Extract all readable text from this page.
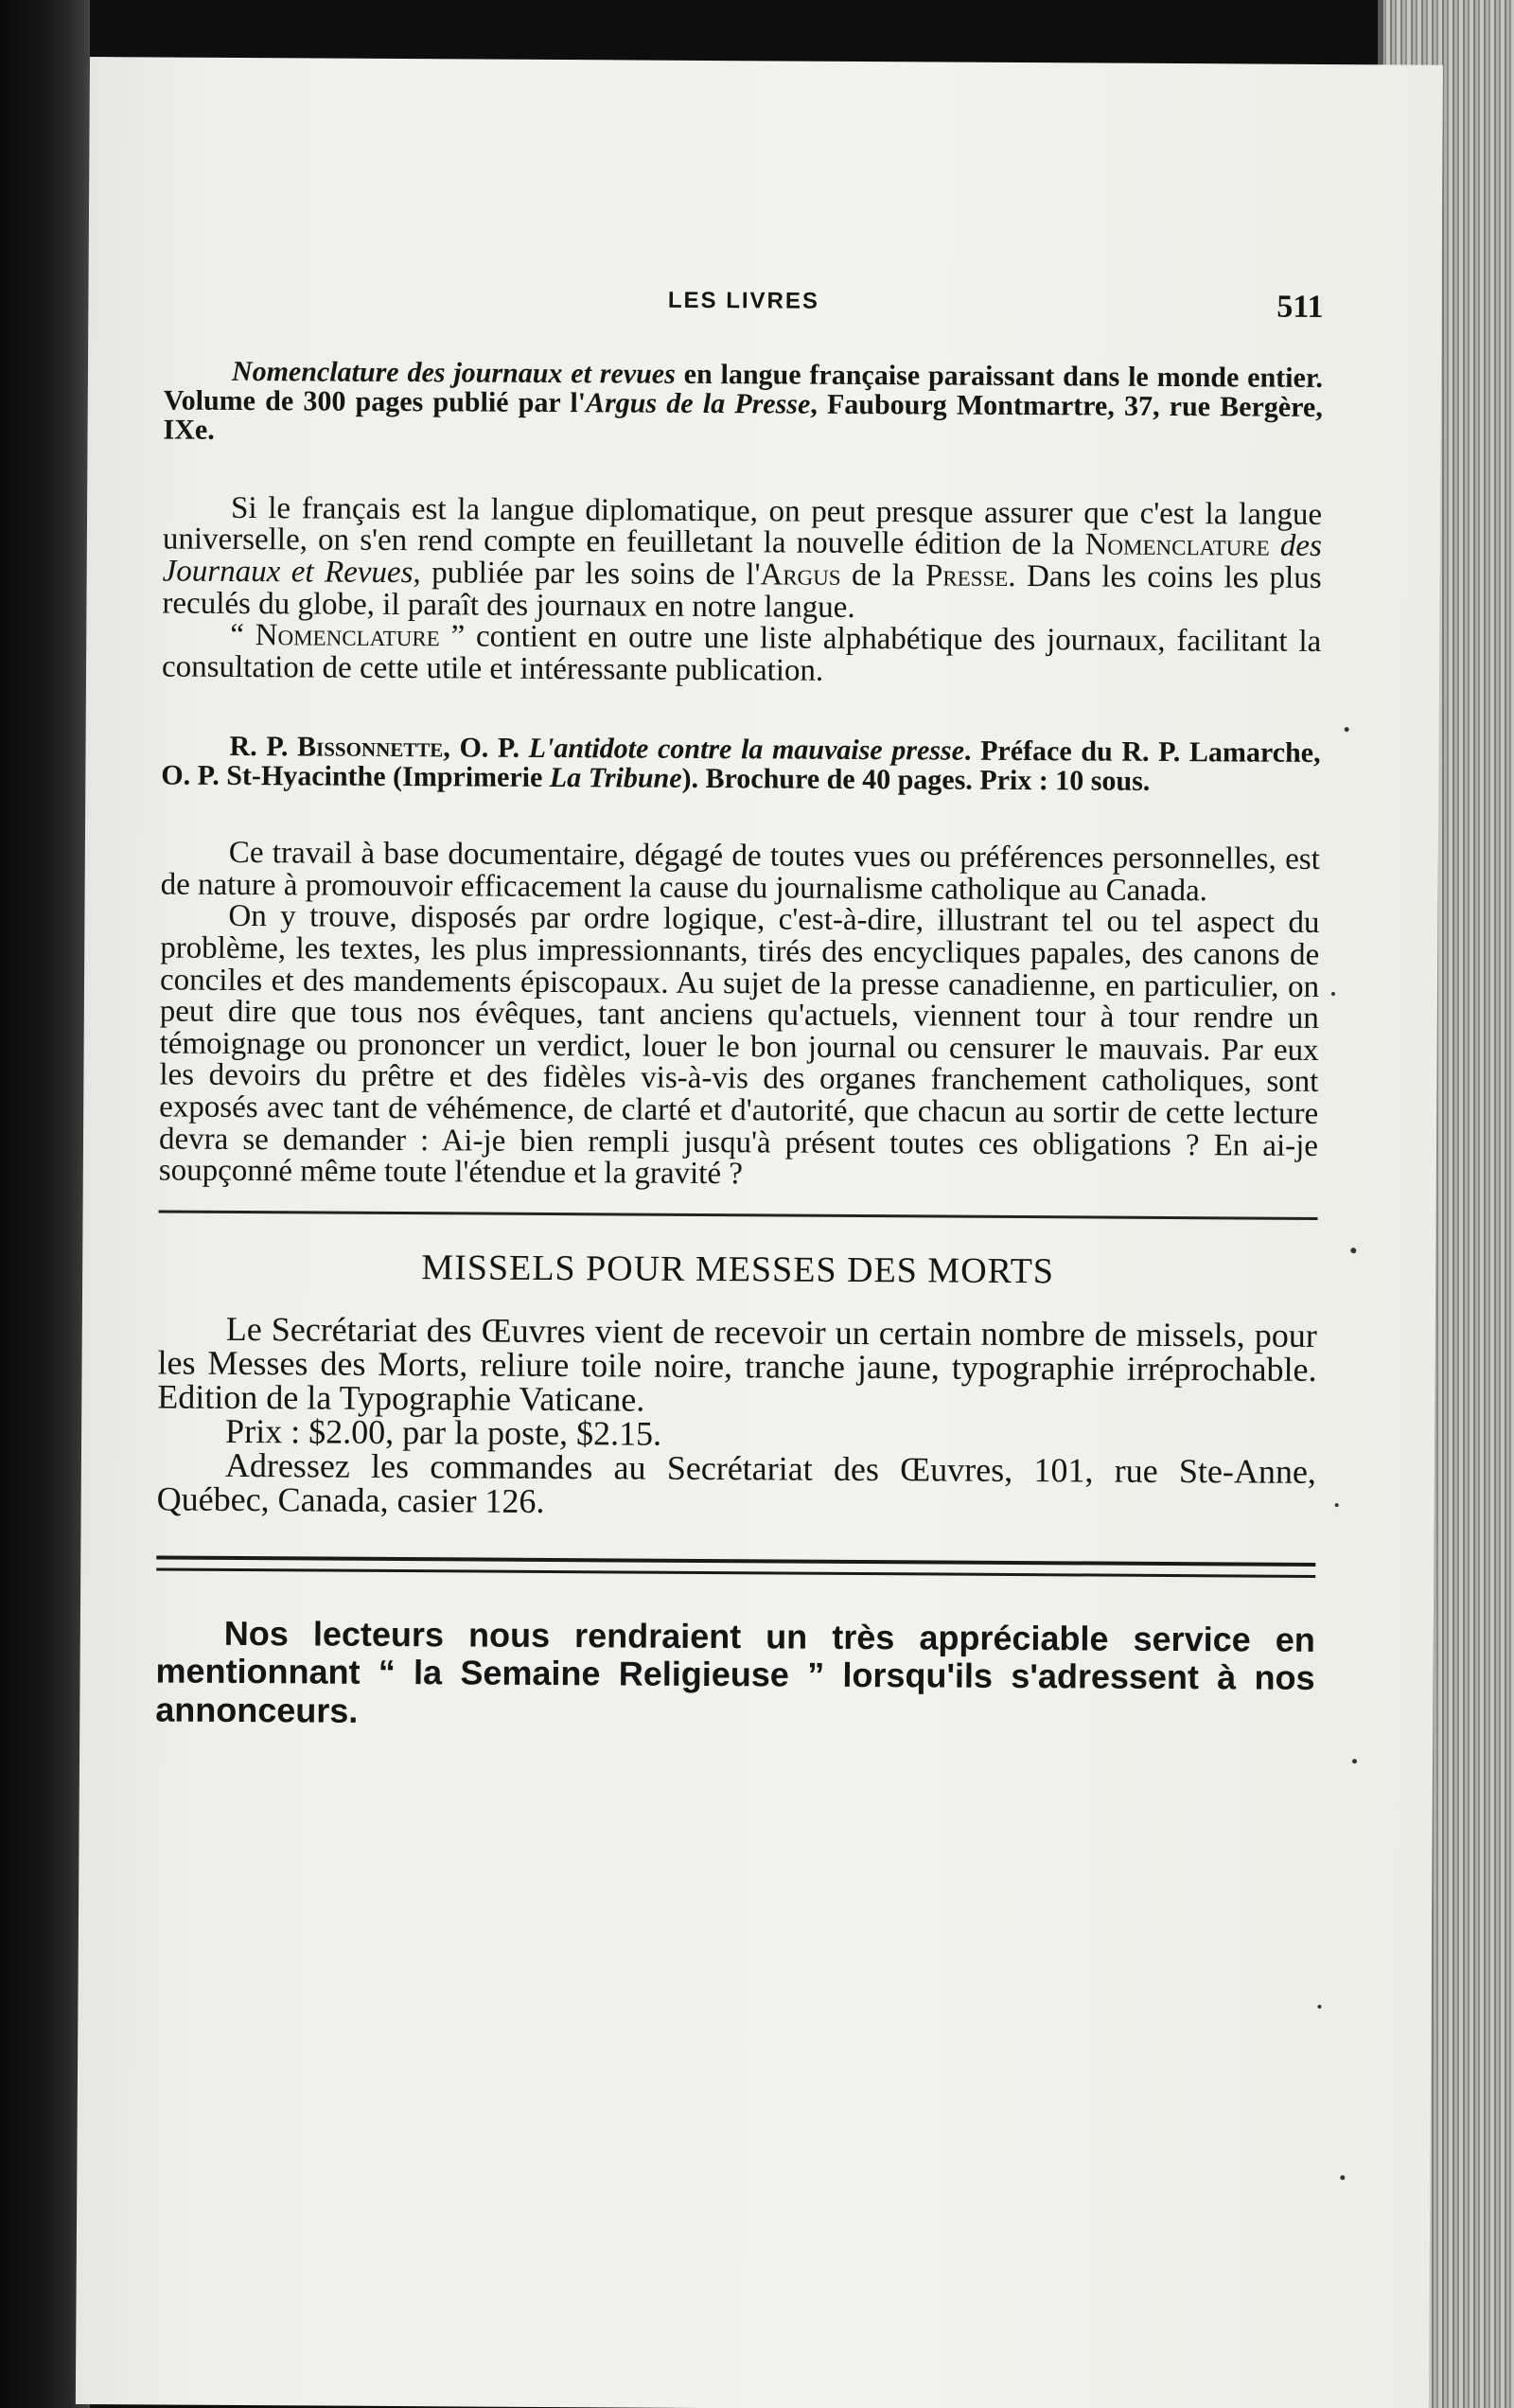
LES LIVRES	511

Nomenclature des journaux et revues en langue française paraissant dans le monde entier. Volume de 300 pages publié par l'Argus de la Presse, Faubourg Montmartre, 37, rue Bergère, IXe.

Si le français est la langue diplomatique, on peut presque assurer que c'est la langue universelle, on s'en rend compte en feuilletant la nouvelle édition de la Nomenclature des Journaux et Revues, publiée par les soins de l'Argus de la Presse. Dans les coins les plus reculés du globe, il paraît des journaux en notre langue.

“ Nomenclature ” contient en outre une liste alphabétique des journaux, facilitant la consultation de cette utile et intéressante publication.

R. P. Bissonnette, O. P. L'antidote contre la mauvaise presse. Préface du R. P. Lamarche, O. P. St-Hyacinthe (Imprimerie La Tribune). Brochure de 40 pages. Prix : 10 sous.

Ce travail à base documentaire, dégagé de toutes vues ou préférences personnelles, est de nature à promouvoir efficacement la cause du journalisme catholique au Canada.

On y trouve, disposés par ordre logique, c'est-à-dire, illustrant tel ou tel aspect du problème, les textes, les plus impressionnants, tirés des encycliques papales, des canons de conciles et des mandements épiscopaux. Au sujet de la presse canadienne, en particulier, on peut dire que tous nos évêques, tant anciens qu'actuels, viennent tour à tour rendre un témoignage ou prononcer un verdict, louer le bon journal ou censurer le mauvais. Par eux les devoirs du prêtre et des fidèles vis-à-vis des organes franchement catholiques, sont exposés avec tant de véhémence, de clarté et d'autorité, que chacun au sortir de cette lecture devra se demander : Ai-je bien rempli jusqu'à présent toutes ces obligations ? En ai-je soupçonné même toute l'étendue et la gravité ?

MISSELS POUR MESSES DES MORTS

Le Secrétariat des Œuvres vient de recevoir un certain nombre de missels, pour les Messes des Morts, reliure toile noire, tranche jaune, typographie irréprochable. Edition de la Typographie Vaticane.

Prix : $2.00, par la poste, $2.15.

Adressez les commandes au Secrétariat des Œuvres, 101, rue Ste-Anne, Québec, Canada, casier 126.

Nos lecteurs nous rendraient un très appréciable service en mentionnant “ la Semaine Religieuse ” lorsqu'ils s'adressent à nos annonceurs.
